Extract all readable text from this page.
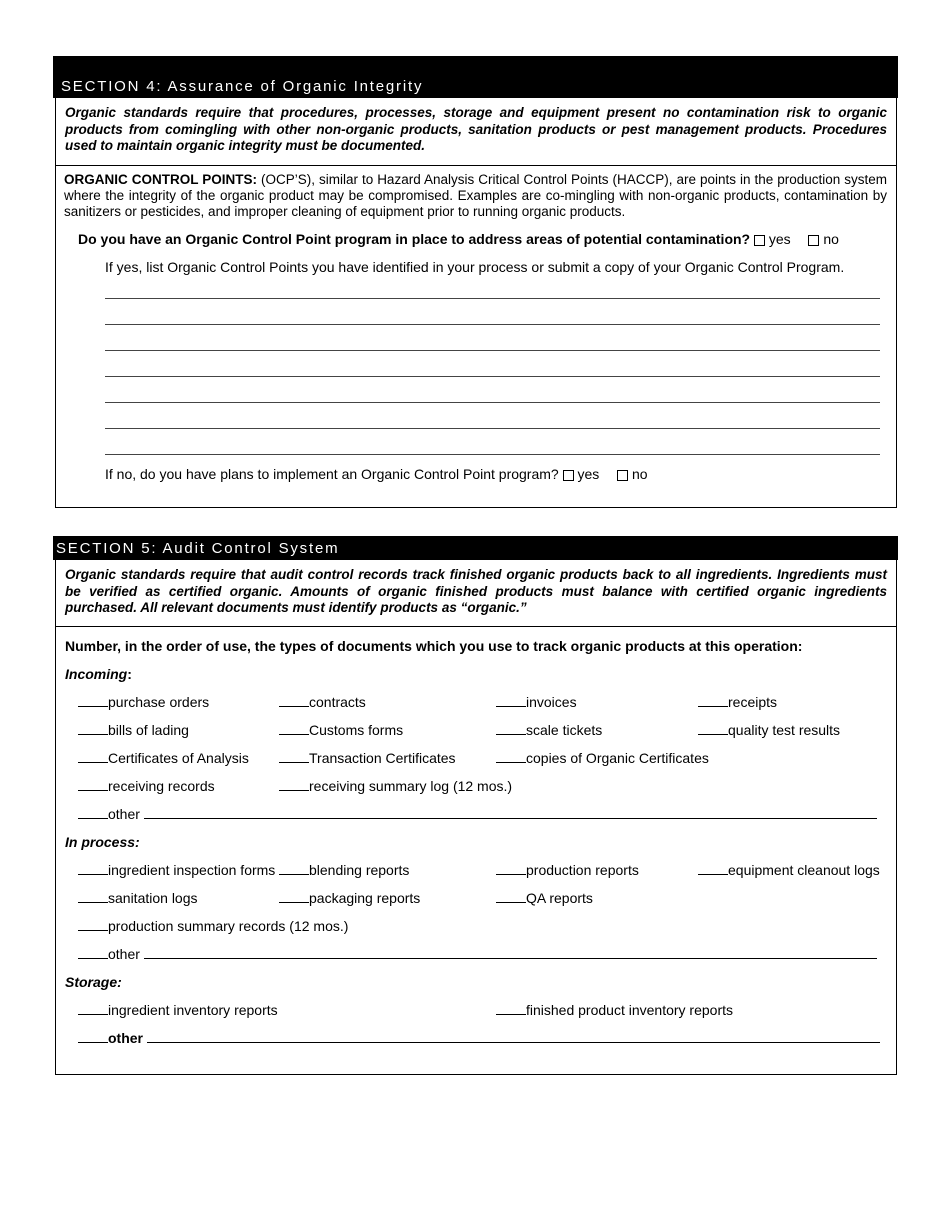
SECTION 4: Assurance of Organic Integrity
Organic standards require that procedures, processes, storage and equipment present no contamination risk to organic products from comingling with other non-organic products, sanitation products or pest management products. Procedures used to maintain organic integrity must be documented.
ORGANIC CONTROL POINTS: (OCP’S), similar to Hazard Analysis Critical Control Points (HACCP), are points in the production system where the integrity of the organic product may be compromised. Examples are co-mingling with non-organic products, contamination by sanitizers or pesticides, and improper cleaning of equipment prior to running organic products.
Do you have an Organic Control Point program in place to address areas of potential contamination? yes no
If yes, list Organic Control Points you have identified in your process or submit a copy of your Organic Control Program.
If no, do you have plans to implement an Organic Control Point program? yes no
SECTION 5: Audit Control System
Organic standards require that audit control records track finished organic products back to all ingredients. Ingredients must be verified as certified organic. Amounts of organic finished products must balance with certified organic ingredients purchased. All relevant documents must identify products as “organic.”
Number, in the order of use, the types of documents which you use to track organic products at this operation:
Incoming:
purchase orders	contracts	invoices	receipts
bills of lading	Customs forms	scale tickets	quality test results
Certificates of Analysis	Transaction Certificates	copies of Organic Certificates
receiving records	receiving summary log (12 mos.)
other
In process:
ingredient inspection forms	blending reports	production reports	equipment cleanout logs
sanitation logs	packaging reports	QA reports
production summary records (12 mos.)
other
Storage:
ingredient inventory reports	finished product inventory reports
other
